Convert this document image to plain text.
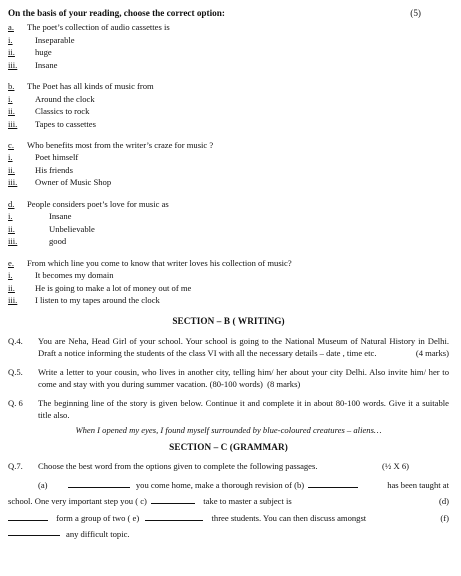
On the basis of your reading, choose the correct option:	(5)
a.	The poet’s collection of audio cassettes is
i.	Inseparable
ii.	huge
iii.	Insane
b.	The Poet has all kinds of music from
i.	Around the clock
ii.	Classics to rock
iii.	Tapes to cassettes
c.	Who benefits most from the writer’s craze for music ?
i.	Poet himself
ii.	His friends
iii.	Owner of Music Shop
d.	People considers poet’s love for music as
i.	Insane
ii.	Unbelievable
iii.	good
e.	From which line you come to know that writer loves his collection of music?
i.	It becomes my domain
ii.	He is going to make a lot of money out of me
iii.	I listen to my tapes around the clock
SECTION – B ( WRITING)
Q.4.	You are Neha, Head Girl of your school. Your school is going to the National Museum of Natural History in Delhi. Draft a notice informing the students of the class VI with all the necessary details – date , time etc.	(4 marks)
Q.5.	Write a letter to your cousin, who lives in another city, telling him/ her about your city Delhi. Also invite him/ her to come and stay with you during summer vacation. (80-100 words) (8 marks)
Q. 6	The beginning line of the story is given below. Continue it and complete it in about 80-100 words. Give it a suitable title also.
When I opened my eyes, I found myself surrounded by blue-coloured creatures – aliens…
SECTION – C (GRAMMAR)
Q.7.	Choose the best word from the options given to complete the following passages.	(½ X 6)
(a)	you come home, make a thorough revision of (b)	has been taught at
school. One very important step you ( c)	take to master a subject is	(d)
form a group of two ( e)	three students. You can then discuss amongst	(f)
any difficult topic.
